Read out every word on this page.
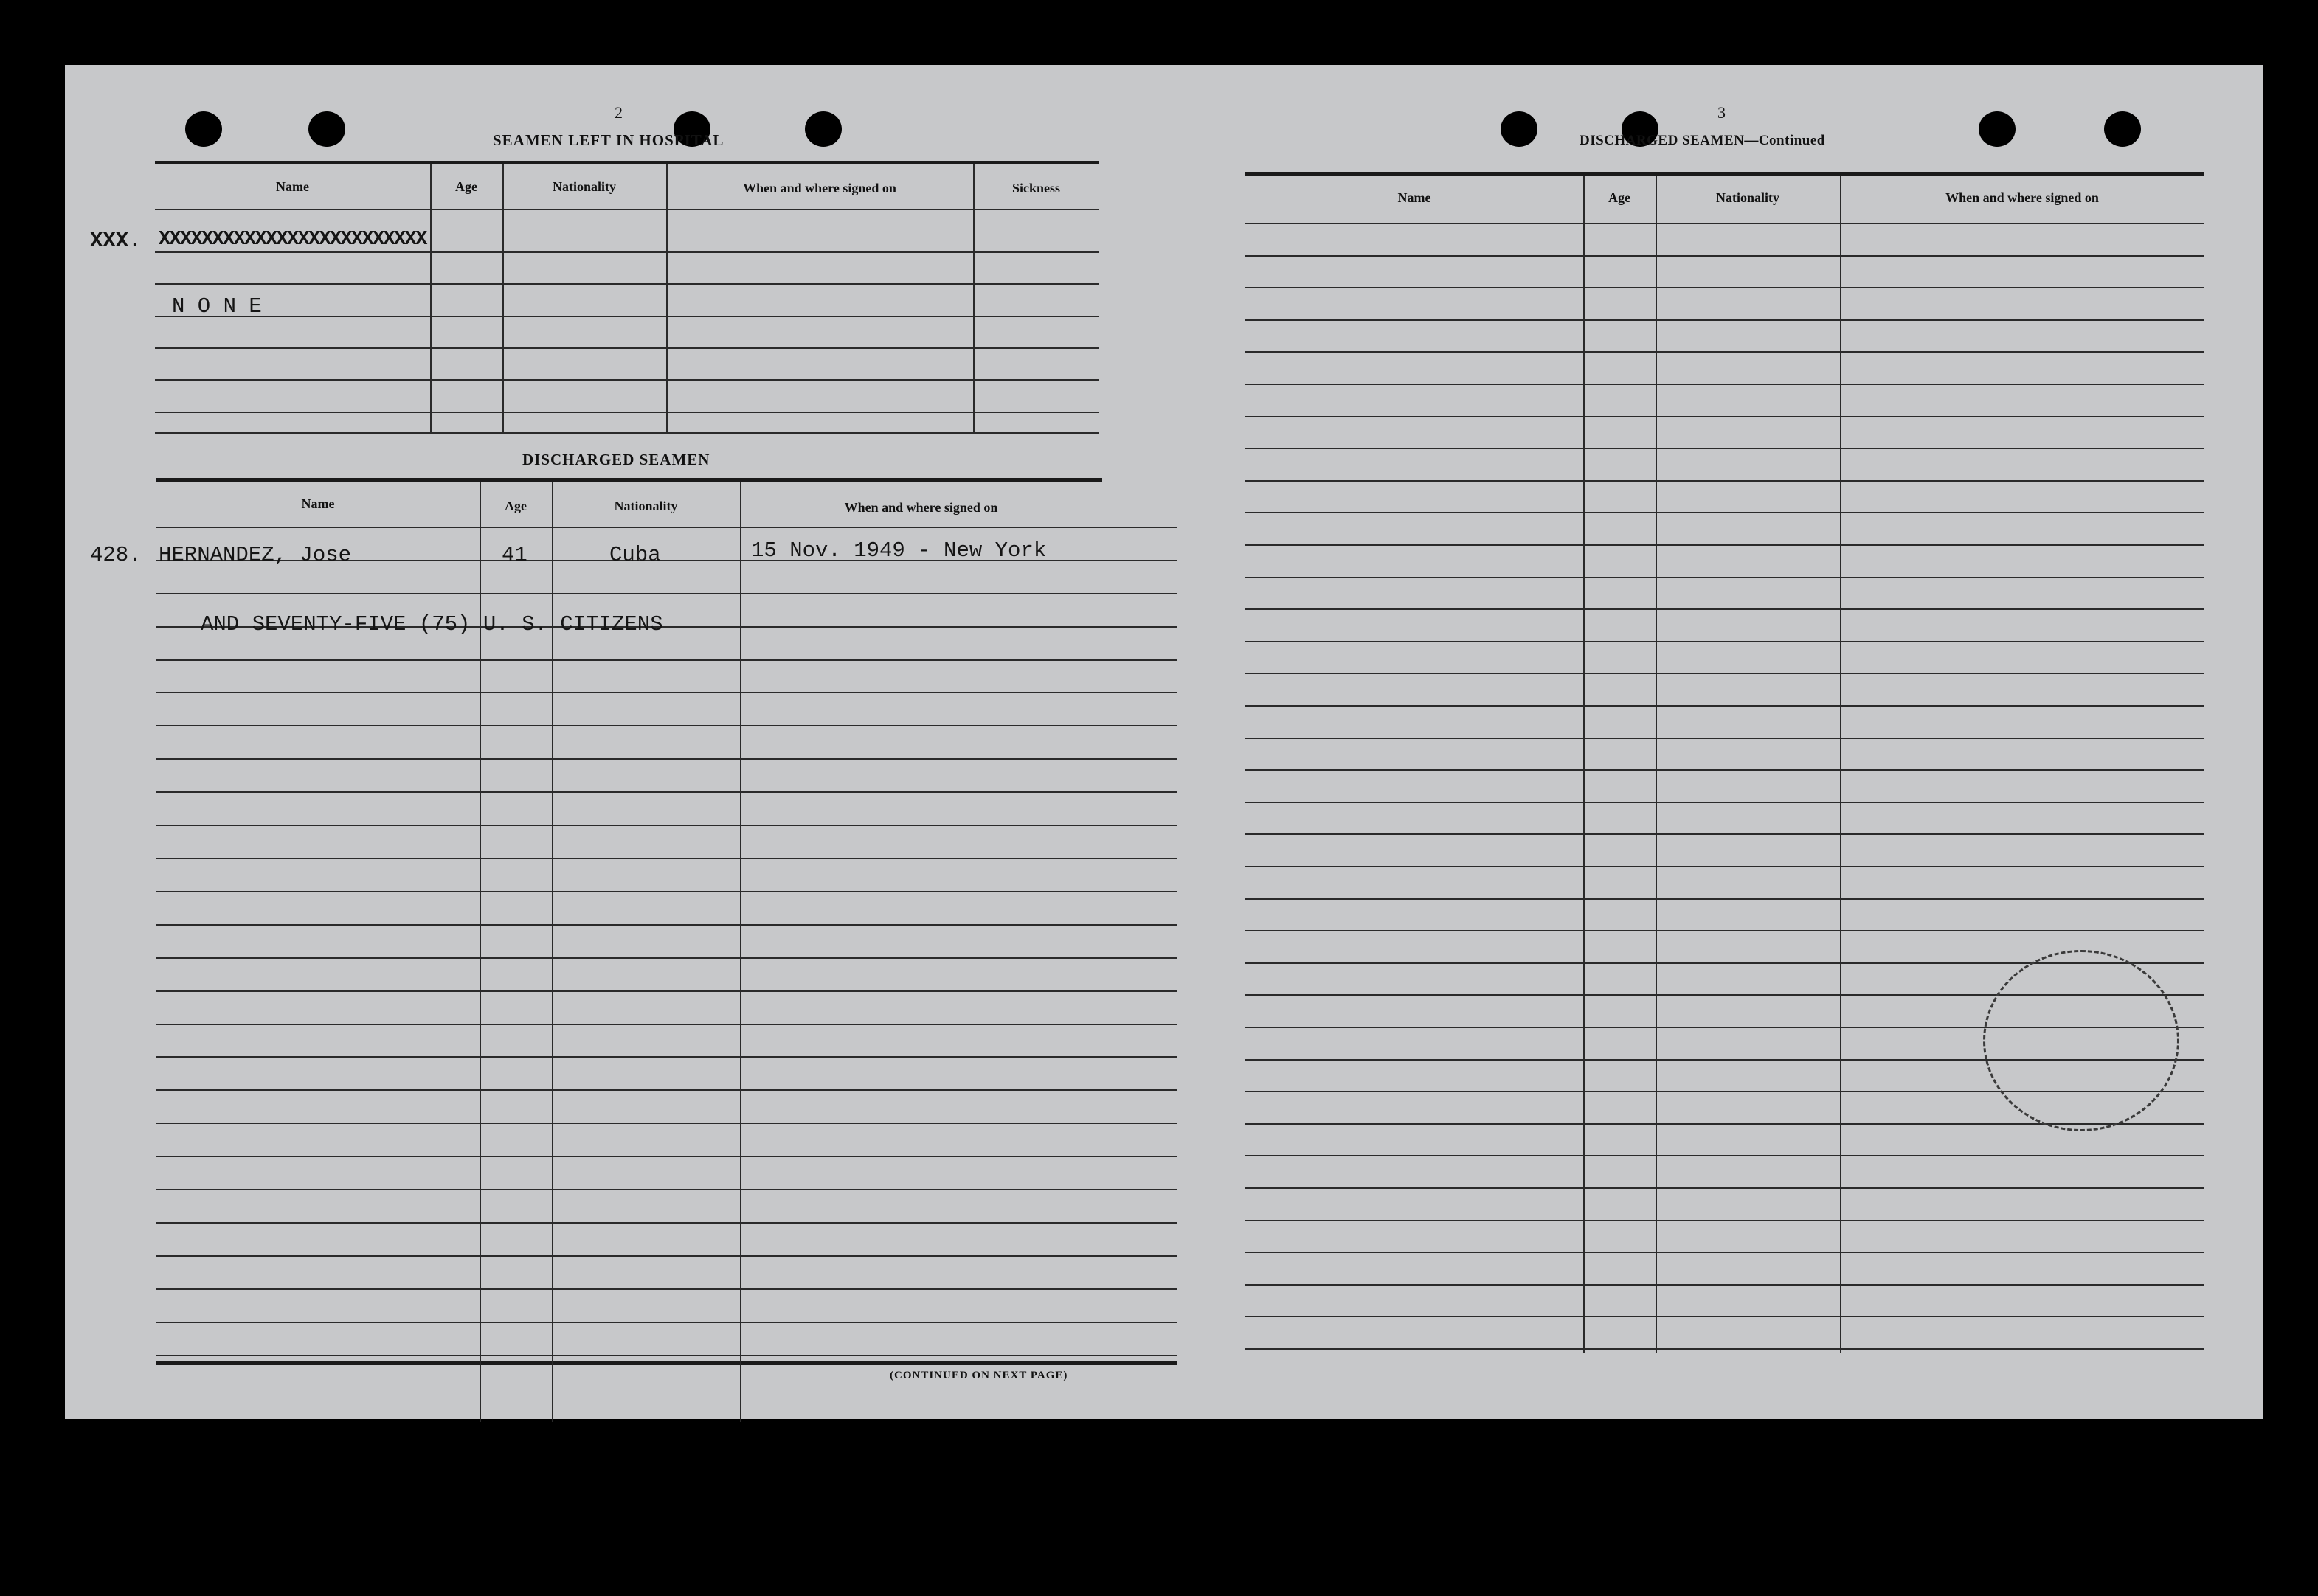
2
SEAMEN LEFT IN HOSPITAL
Name	Age	Nationality	When and where signed on	Sickness
XXX. XXXXXXXXXXXXXXXXXXXXXXXXX
N O N E
DISCHARGED SEAMEN
Name	Age	Nationality	When and where signed on
428. HERNANDEZ, Jose	41	Cuba	15 Nov. 1949 - New York
AND SEVENTY-FIVE (75) U. S. CITIZENS
(CONTINUED ON NEXT PAGE)
3
DISCHARGED SEAMEN—Continued
Name	Age	Nationality	When and where signed on
